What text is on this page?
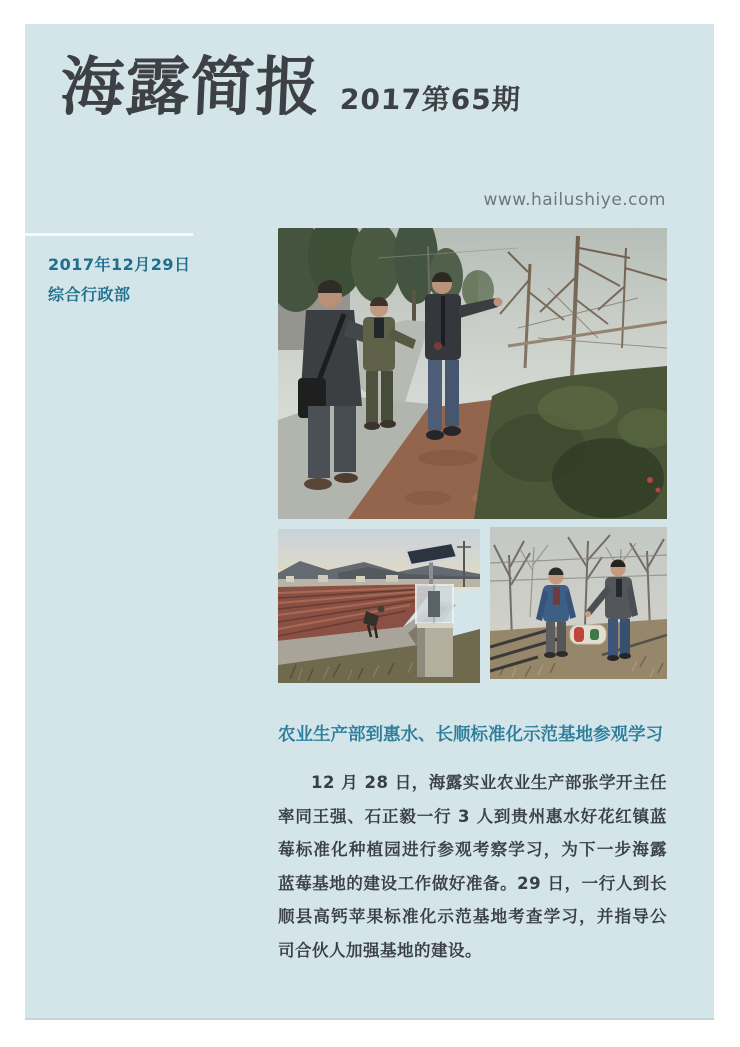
海露简报 2017第65期
www.hailushiye.com
2017年12月29日
综合行政部
农业生产部到惠水、长顺标准化示范基地参观学习

12 月 28 日，海露实业农业生产部张学开主任率同王强、石正毅一行 3 人到贵州惠水好花红镇蓝莓标准化种植园进行参观考察学习，为下一步海露蓝莓基地的建设工作做好准备。29 日，一行人到长顺县高钙苹果标准化示范基地考查学习，并指导公司合伙人加强基地的建设。
